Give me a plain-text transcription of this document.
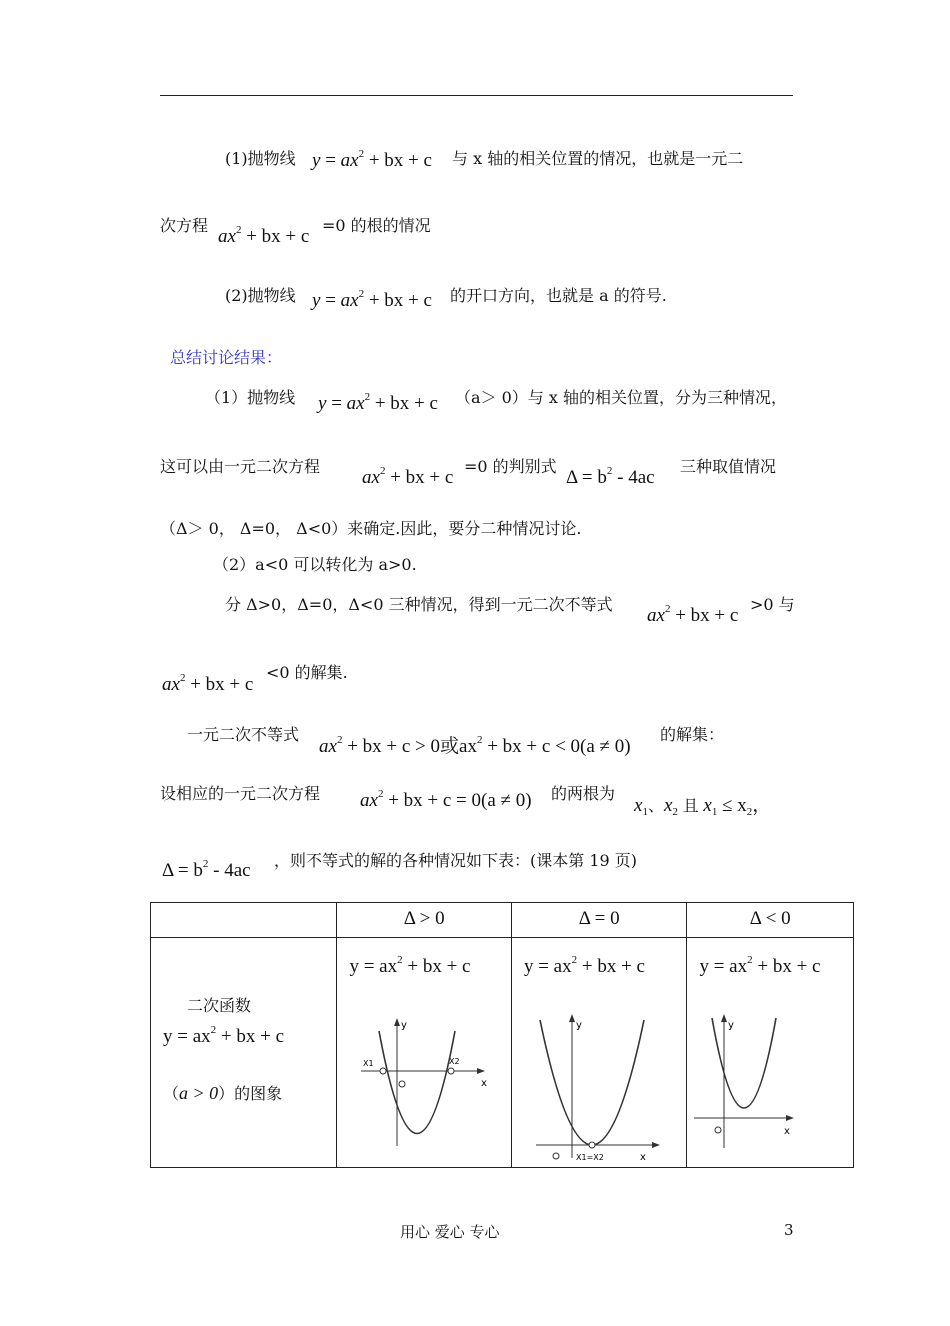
(1)抛物线 $y = ax^2$ + bx + c 与 x 轴的相关位置的情况，也就是一元二
次方程
$ax^2$ + bx + c
=0 的根的情况
(2)抛物线 $y = ax^2$ + bx + c 的开口方向，也就是 a 的符号.
总结讨论结果：
（1）抛物线 $y = ax^2$ + bx + c （a＞ 0）与 x 轴的相关位置，分为三种情况，
这可以由一元二次方程
$ax^2$ + bx + c
=0 的判别式
$\Delta = b^2 - 4ac$
三种取值情况
（Δ＞ 0， Δ=0， Δ<0）来确定.因此，要分二种情况讨论.
（2）a<0 可以转化为 a>0.
分 Δ>0，Δ=0，Δ<0 三种情况，得到一元二次不等式
$ax^2$ + bx + c
>0 与
$ax^2$ + bx + c
<0 的解集.
一元二次不等式
$ax^2$ + bx + c > 0或$ax^2$ + bx + c < 0(a ≠ 0)
的解集：
设相应的一元二次方程 $ax^2$ + bx + c = 0(a ≠ 0) 的两根为
$x_1$、$x_2$ 且 $x_1 \le x_2$，
$\Delta = b^2 - 4ac$ ，则不等式的解的各种情况如下表：(课本第 19 页)

	Δ > 0	Δ = 0	Δ < 0

二次函数
$y = ax^2$ + bx + c
（a > 0）的图象	$y = ax^2$ + bx + c
y
x
X1 X2	$y = ax^2$ + bx + c
y
x
X1=X2	$y = ax^2$ + bx + c
y
x
用心 爱心 专心	3
